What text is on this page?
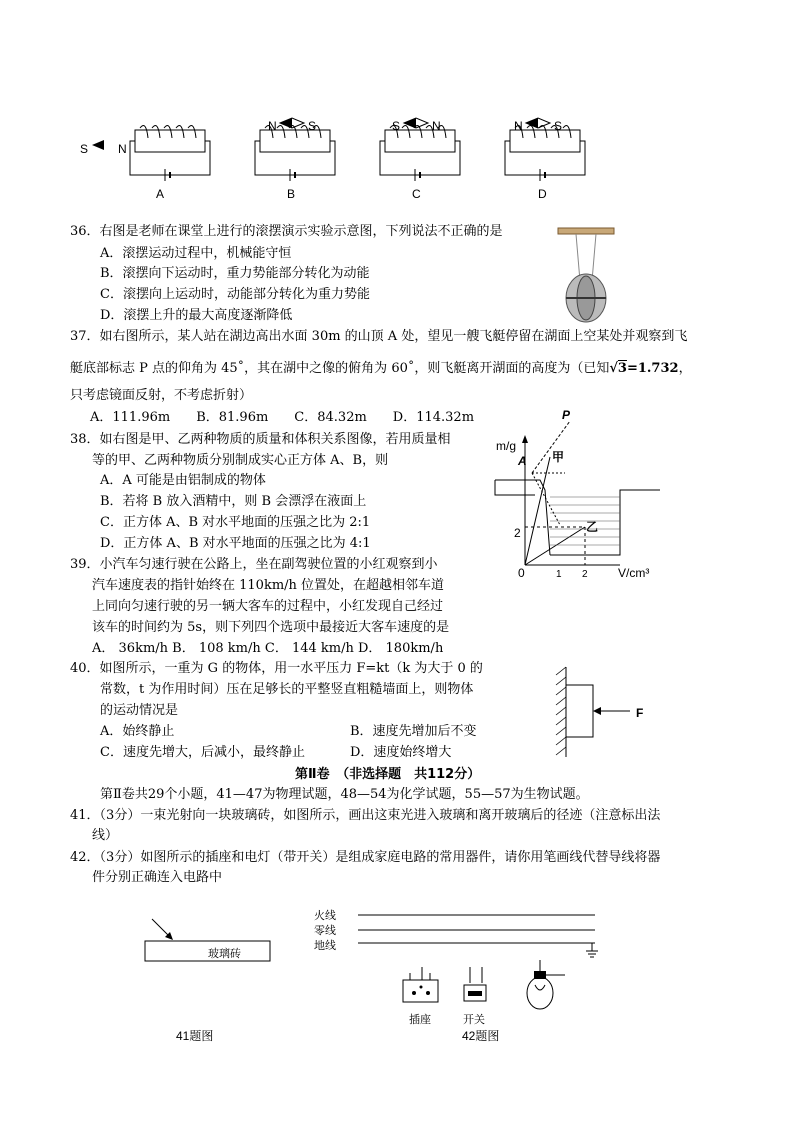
S N
A
N	S
B
S	N
C
N	S
D
36．右图是老师在课堂上进行的滚摆演示实验示意图，下列说法不正确的是
A．滚摆运动过程中，机械能守恒
B．滚摆向下运动时，重力势能部分转化为动能
C．滚摆向上运动时，动能部分转化为重力势能
D．滚摆上升的最大高度逐渐降低
37．如右图所示，某人站在湖边高出水面 30m 的山顶 A 处，望见一艘飞艇停留在湖面上空某处并观察到飞
艇底部标志 P 点的仰角为 45˚，其在湖中之像的俯角为 60˚，则飞艇离开湖面的高度为（已知√3=1.732，
只考虑镜面反射，不考虑折射）
A．111.96m　　B．81.96m　　C．84.32m　　D．114.32m
38．如右图是甲、乙两种物质的质量和体积关系图像，若用质量相
等的甲、乙两种物质分别制成实心正方体 A、B，则
A．A 可能是由铝制成的物体
B．若将 B 放入酒精中，则 B 会漂浮在液面上
C．正方体 A、B 对水平地面的压强之比为 2:1
D．正方体 A、B 对水平地面的压强之比为 4:1
m/g
V/cm³
0
2
1 2
甲
乙
A
P
39．小汽车匀速行驶在公路上，坐在副驾驶位置的小红观察到小
汽车速度表的指针始终在 110km/h 位置处，在超越相邻车道
上同向匀速行驶的另一辆大客车的过程中，小红发现自己经过
该车的时间约为 5s，则下列四个选项中最接近大客车速度的是
A． 36km/h B． 108 km/h C． 144 km/h D． 180km/h
40．如图所示，一重为 G 的物体，用一水平压力 F=kt（k 为大于 0 的
常数，t 为作用时间）压在足够长的平整竖直粗糙墙面上，则物体
的运动情况是
A．始终静止	B．速度先增加后不变
C．速度先增大，后减小，最终静止	D．速度始终增大
F
第Ⅱ卷　（非选择题　共112分）
第Ⅱ卷共29个小题，41—47为物理试题，48—54为化学试题，55—57为生物试题。
41．（3分）一束光射向一块玻璃砖，如图所示，画出这束光进入玻璃和离开玻璃后的径迹（注意标出法
线）
42．（3分）如图所示的插座和电灯（带开关）是组成家庭电路的常用器件，请你用笔画线代替导线将器
件分别正确连入电路中
玻璃砖
41题图
火线
零线
地线
插座	开关
42题图
